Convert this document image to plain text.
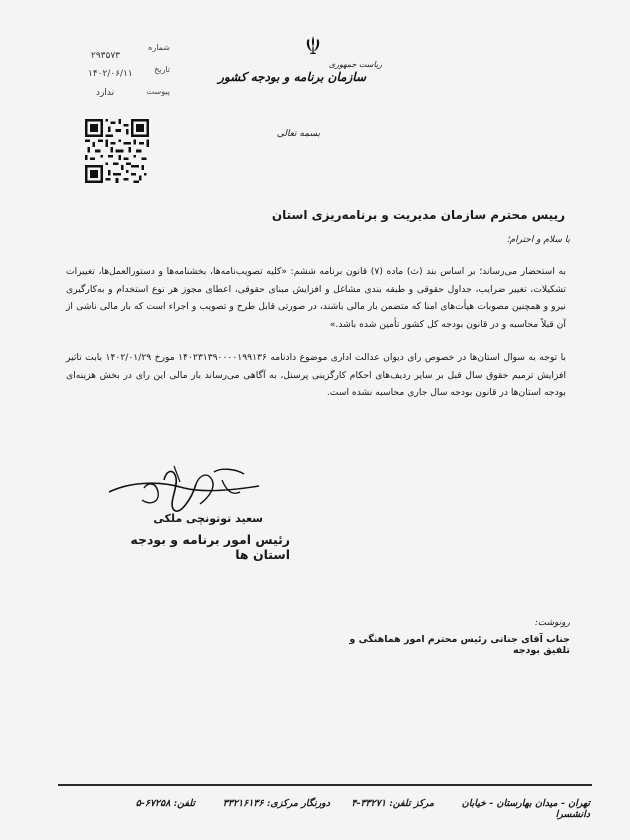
شماره
۲۹۳۵۷۳
تاریخ
۱۴۰۲/۰۶/۱۱
پیوست
ندارد
ریاست جمهوری
سازمان برنامه و بودجه کشور
بسمه تعالی
رییس محترم سازمان مدیریت و برنامه‌ریزی استان
با سلام و احترام؛
به استحضار می‌رساند؛ بر اساس بند (ث) ماده (۷) قانون برنامه ششم: «کلیه تصویب‌نامه‌ها، بخشنامه‌ها و دستورالعمل‌ها، تغییرات تشکیلات، تغییر ضرایب، جداول حقوقی و طبقه بندی مشاغل و افزایش مبنای حقوقی، اعطای مجوز هر نوع استخدام و به‌کارگیری نیرو و همچنین مصوبات هیأت‌های امنا که متضمن بار مالی باشند، در صورتی قابل طرح و تصویب و اجراء است که بار مالی ناشی از آن قبلاً محاسبه و در قانون بودجه کل کشور تأمین شده باشد.»
با توجه به سوال استان‌ها در خصوص رای دیوان عدالت اداری موضوع دادنامه ۱۴۰۲۳۱۳۹۰۰۰۰۱۹۹۱۳۶ مورخ ۱۴۰۲/۰۱/۲۹ بابت تاثیر افزایش ترمیم حقوق سال قبل بر سایر ردیف‌های احکام کارگزینی پرسنل، به آگاهی می‌رساند بار مالی این رای در بخش هزینه‌ای بودجه استان‌ها در قانون بودجه سال جاری محاسبه نشده است.
سعید توتونچی ملکی
رئیس امور برنامه و بودجه استان ها
رونوشت:
جناب آقای جناتی رئیس محترم امور هماهنگی و تلفیق بودجه
تهران - میدان بهارستان - خیابان دانشسرا
مرکز تلفن: ۳۳۲۷۱-۴
دورنگار مرکزی: ۳۳۲۱۶۱۳۶
تلفن: ۶۷۲۵۸-۵
